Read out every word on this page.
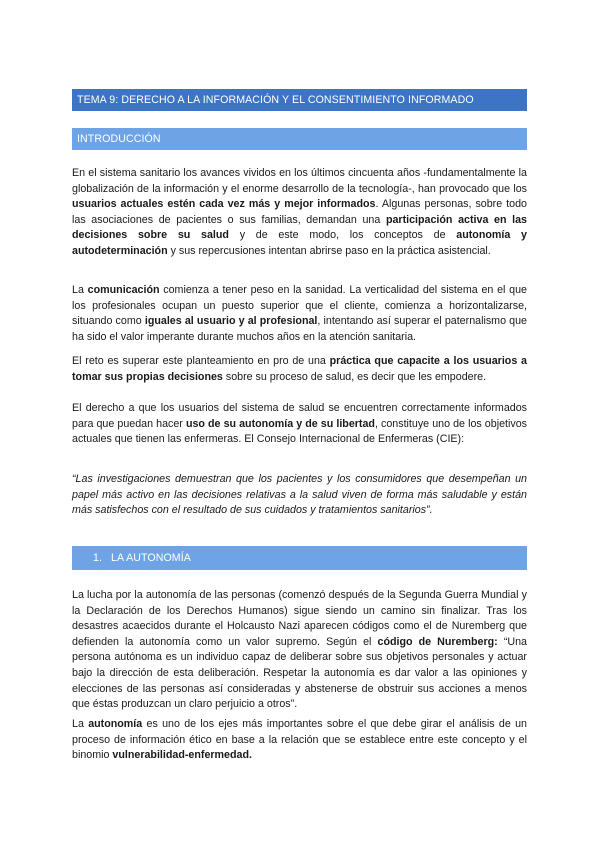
TEMA 9: DERECHO A LA INFORMACIÓN Y EL CONSENTIMIENTO INFORMADO
INTRODUCCIÓN

En el sistema sanitario los avances vividos en los últimos cincuenta años -fundamentalmente la globalización de la información y el enorme desarrollo de la tecnología-, han provocado que los usuarios actuales estén cada vez más y mejor informados. Algunas personas, sobre todo las asociaciones de pacientes o sus familias, demandan una participación activa en las decisiones sobre su salud y de este modo, los conceptos de autonomía y autodeterminación y sus repercusiones intentan abrirse paso en la práctica asistencial.

La comunicación comienza a tener peso en la sanidad. La verticalidad del sistema en el que los profesionales ocupan un puesto superior que el cliente, comienza a horizontalizarse, situando como iguales al usuario y al profesional, intentando así superar el paternalismo que ha sido el valor imperante durante muchos años en la atención sanitaria.

El reto es superar este planteamiento en pro de una práctica que capacite a los usuarios a tomar sus propias decisiones sobre su proceso de salud, es decir que les empodere.

El derecho a que los usuarios del sistema de salud se encuentren correctamente informados para que puedan hacer uso de su autonomía y de su libertad, constituye uno de los objetivos actuales que tienen las enfermeras. El Consejo Internacional de Enfermeras (CIE):

“Las investigaciones demuestran que los pacientes y los consumidores que desempeñan un papel más activo en las decisiones relativas a la salud viven de forma más saludable y están más satisfechos con el resultado de sus cuidados y tratamientos sanitarios”.

1. LA AUTONOMÍA

La lucha por la autonomía de las personas (comenzó después de la Segunda Guerra Mundial y la Declaración de los Derechos Humanos) sigue siendo un camino sin finalizar. Tras los desastres acaecidos durante el Holcausto Nazi aparecen códigos como el de Nuremberg que defienden la autonomía como un valor supremo. Según el código de Nuremberg: “Una persona autónoma es un individuo capaz de deliberar sobre sus objetivos personales y actuar bajo la dirección de esta deliberación. Respetar la autonomía es dar valor a las opiniones y elecciones de las personas así consideradas y abstenerse de obstruir sus acciones a menos que éstas produzcan un claro perjuicio a otros”.

La autonomía es uno de los ejes más importantes sobre el que debe girar el análisis de un proceso de información ético en base a la relación que se establece entre este concepto y el binomio vulnerabilidad-enfermedad.
